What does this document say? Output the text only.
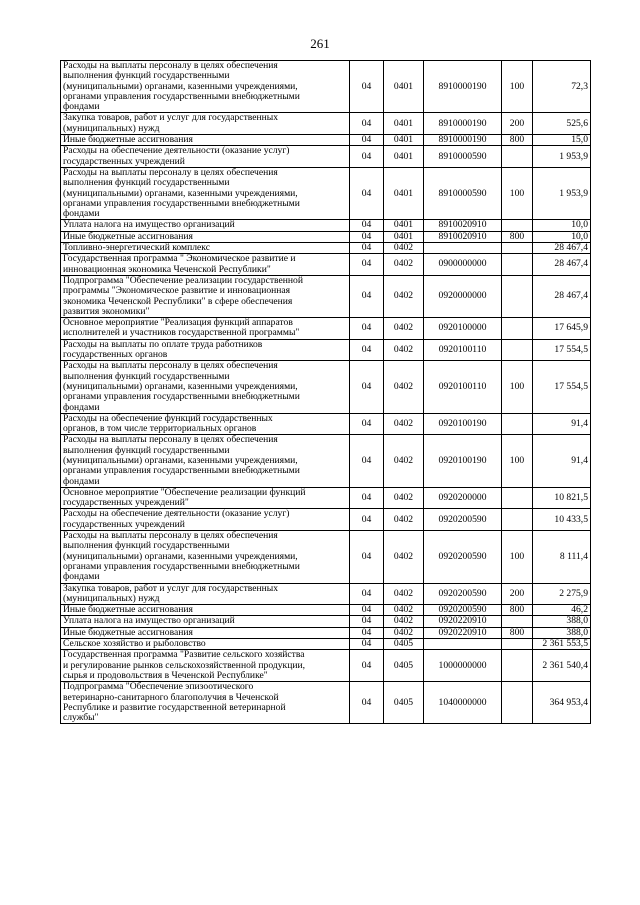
261
Расходы на выплаты персоналу в целях обеспечения
выполнения функций государственными
(муниципальными) органами, казенными учреждениями,
органами управления государственными внебюджетными
фондами	04	0401	8910000190	100	72,3
Закупка товаров, работ и услуг для государственных
(муниципальных) нужд	04	0401	8910000190	200	525,6
Иные бюджетные ассигнования	04	0401	8910000190	800	15,0
Расходы на обеспечение деятельности (оказание услуг)
государственных учреждений	04	0401	8910000590		1 953,9
Расходы на выплаты персоналу в целях обеспечения
выполнения функций государственными
(муниципальными) органами, казенными учреждениями,
органами управления государственными внебюджетными
фондами	04	0401	8910000590	100	1 953,9
Уплата налога на имущество организаций	04	0401	8910020910		10,0
Иные бюджетные ассигнования	04	0401	8910020910	800	10,0
Топливно-энергетический комплекс	04	0402			28 467,4
Государственная программа " Экономическое развитие и
инновационная экономика Чеченской Республики"	04	0402	0900000000		28 467,4
Подпрограмма "Обеспечение реализации государственной
программы "Экономическое развитие и инновационная
экономика Чеченской Республики" в сфере обеспечения
развития экономики"	04	0402	0920000000		28 467,4
Основное мероприятие "Реализация функций аппаратов
исполнителей и участников государственной программы"	04	0402	0920100000		17 645,9
Расходы на выплаты по оплате труда работников
государственных органов	04	0402	0920100110		17 554,5
Расходы на выплаты персоналу в целях обеспечения
выполнения функций государственными
(муниципальными) органами, казенными учреждениями,
органами управления государственными внебюджетными
фондами	04	0402	0920100110	100	17 554,5
Расходы на обеспечение функций государственных
органов, в том числе территориальных органов	04	0402	0920100190		91,4
Расходы на выплаты персоналу в целях обеспечения
выполнения функций государственными
(муниципальными) органами, казенными учреждениями,
органами управления государственными внебюджетными
фондами	04	0402	0920100190	100	91,4
Основное мероприятие "Обеспечение реализации функций
государственных учреждений"	04	0402	0920200000		10 821,5
Расходы на обеспечение деятельности (оказание услуг)
государственных учреждений	04	0402	0920200590		10 433,5
Расходы на выплаты персоналу в целях обеспечения
выполнения функций государственными
(муниципальными) органами, казенными учреждениями,
органами управления государственными внебюджетными
фондами	04	0402	0920200590	100	8 111,4
Закупка товаров, работ и услуг для государственных
(муниципальных) нужд	04	0402	0920200590	200	2 275,9
Иные бюджетные ассигнования	04	0402	0920200590	800	46,2
Уплата налога на имущество организаций	04	0402	0920220910		388,0
Иные бюджетные ассигнования	04	0402	0920220910	800	388,0
Сельское хозяйство и рыболовство	04	0405			2 361 553,5
Государственная программа "Развитие сельского хозяйства
и регулирование рынков сельскохозяйственной продукции,
сырья и продовольствия в Чеченской Республике"	04	0405	1000000000		2 361 540,4
Подпрограмма "Обеспечение эпизоотического
ветеринарно-санитарного благополучия в Чеченской
Республике и развитие государственной ветеринарной
службы"	04	0405	1040000000		364 953,4
